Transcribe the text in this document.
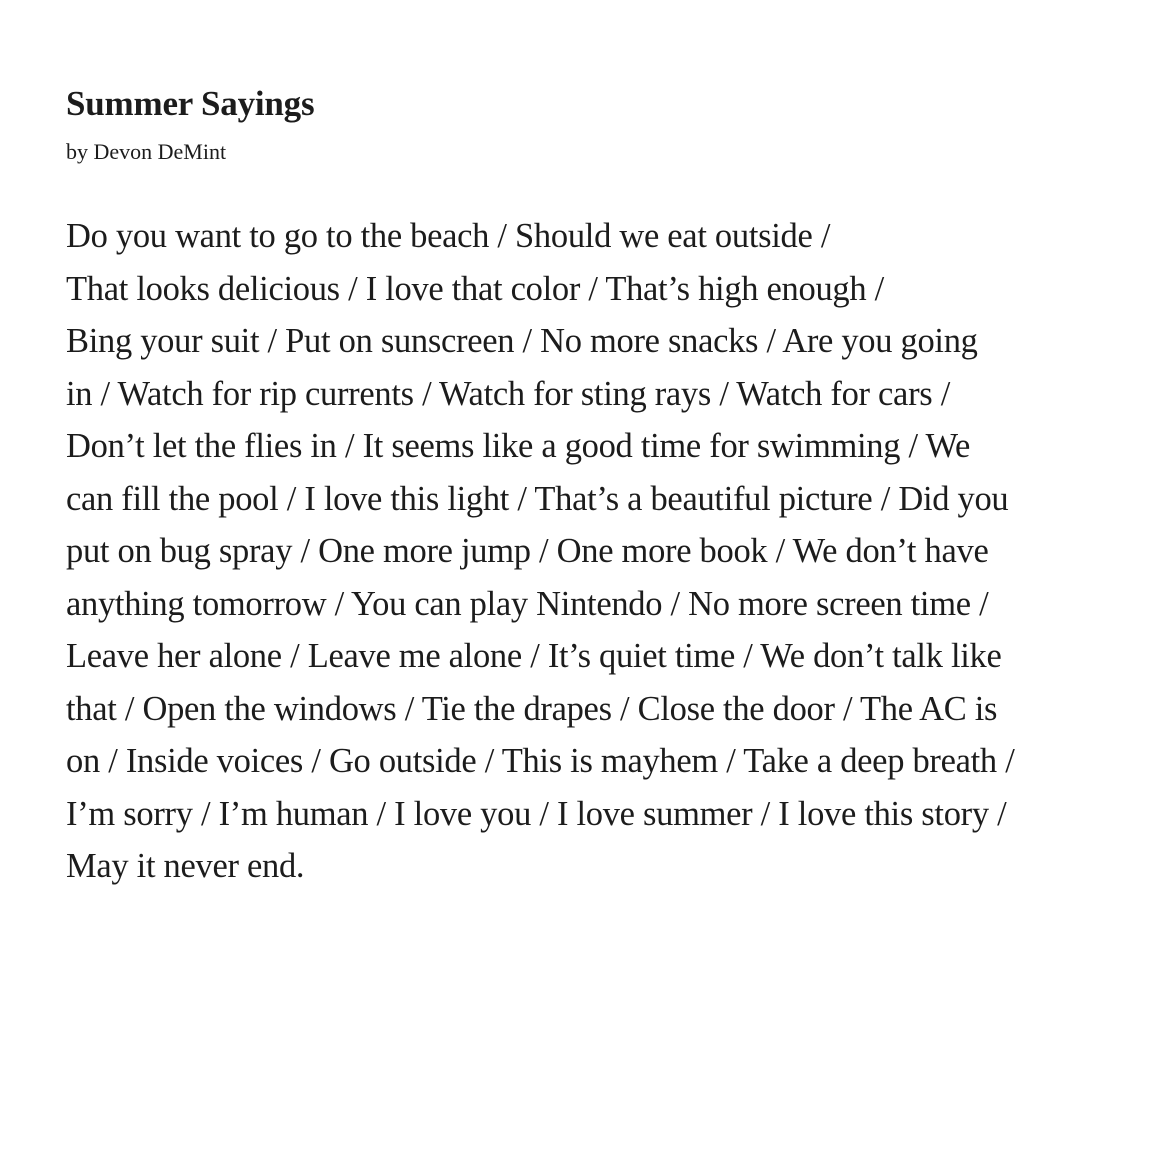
Summer Sayings

by Devon DeMint

Do you want to go to the beach / Should we eat outside /
That looks delicious / I love that color / That’s high enough /
Bing your suit / Put on sunscreen / No more snacks / Are you going
in / Watch for rip currents / Watch for sting rays / Watch for cars /
Don’t let the flies in / It seems like a good time for swimming / We
can fill the pool / I love this light / That’s a beautiful picture / Did you
put on bug spray / One more jump / One more book / We don’t have
anything tomorrow / You can play Nintendo / No more screen time /
Leave her alone / Leave me alone / It’s quiet time / We don’t talk like
that / Open the windows / Tie the drapes / Close the door / The AC is
on / Inside voices / Go outside / This is mayhem / Take a deep breath /
I’m sorry / I’m human / I love you / I love summer / I love this story /
May it never end.
